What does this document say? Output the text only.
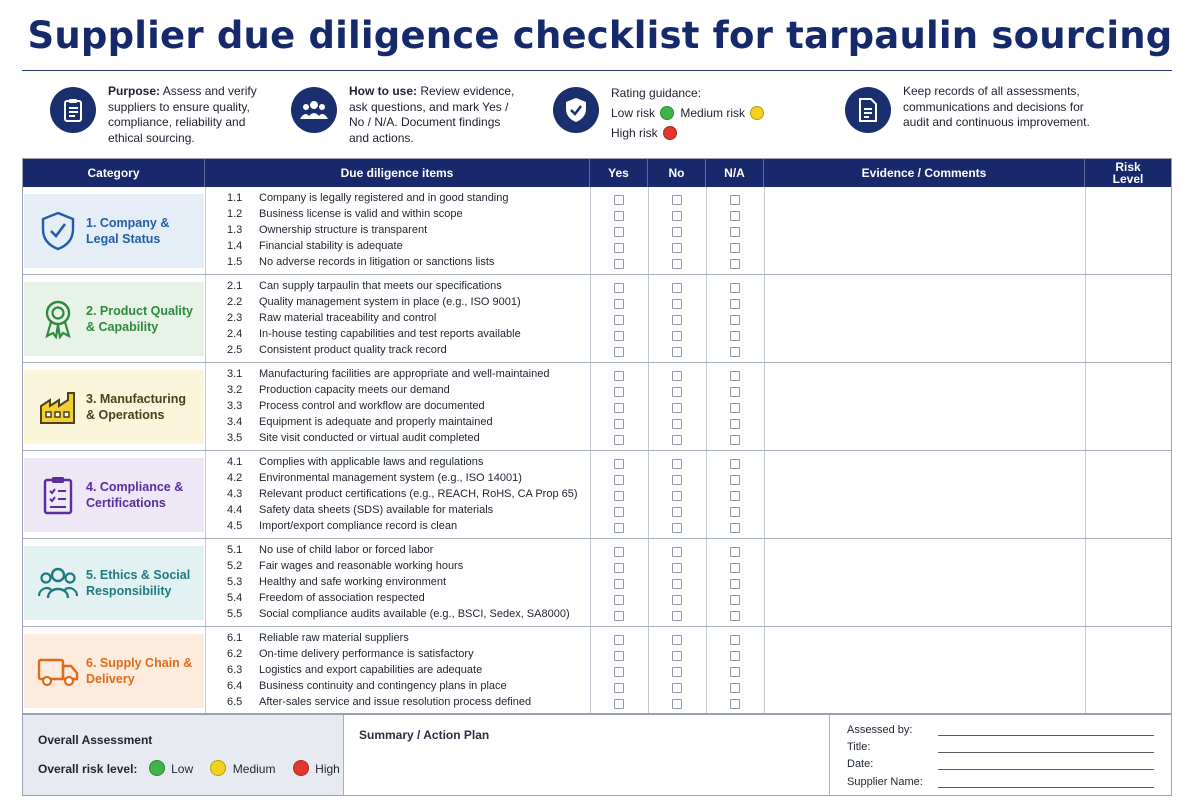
Supplier due diligence checklist for tarpaulin sourcing
Purpose: Assess and verify suppliers to ensure quality, compliance, reliability and ethical sourcing.
How to use: Review evidence, ask questions, and mark Yes / No / N/A. Document findings and actions.
Rating guidance:
Low risk Medium risk
High risk
Keep records of all assessments, communications and decisions for audit and continuous improvement.
Category	Due diligence items	Yes	No	N/A	Evidence / Comments	Risk Level
1. Company & Legal Status
1.1	Company is legally registered and in good standing
1.2	Business license is valid and within scope
1.3	Ownership structure is transparent
1.4	Financial stability is adequate
1.5	No adverse records in litigation or sanctions lists
2. Product Quality & Capability
2.1	Can supply tarpaulin that meets our specifications
2.2	Quality management system in place (e.g., ISO 9001)
2.3	Raw material traceability and control
2.4	In-house testing capabilities and test reports available
2.5	Consistent product quality track record
3. Manufacturing & Operations
3.1	Manufacturing facilities are appropriate and well-maintained
3.2	Production capacity meets our demand
3.3	Process control and workflow are documented
3.4	Equipment is adequate and properly maintained
3.5	Site visit conducted or virtual audit completed
4. Compliance & Certifications
4.1	Complies with applicable laws and regulations
4.2	Environmental management system (e.g., ISO 14001)
4.3	Relevant product certifications (e.g., REACH, RoHS, CA Prop 65)
4.4	Safety data sheets (SDS) available for materials
4.5	Import/export compliance record is clean
5. Ethics & Social Responsibility
5.1	No use of child labor or forced labor
5.2	Fair wages and reasonable working hours
5.3	Healthy and safe working environment
5.4	Freedom of association respected
5.5	Social compliance audits available (e.g., BSCI, Sedex, SA8000)
6. Supply Chain & Delivery
6.1	Reliable raw material suppliers
6.2	On-time delivery performance is satisfactory
6.3	Logistics and export capabilities are adequate
6.4	Business continuity and contingency plans in place
6.5	After-sales service and issue resolution process defined
Overall Assessment
Overall risk level:	Low	Medium	High
Summary / Action Plan	Assessed by:
Title:
Date:
Supplier Name:
